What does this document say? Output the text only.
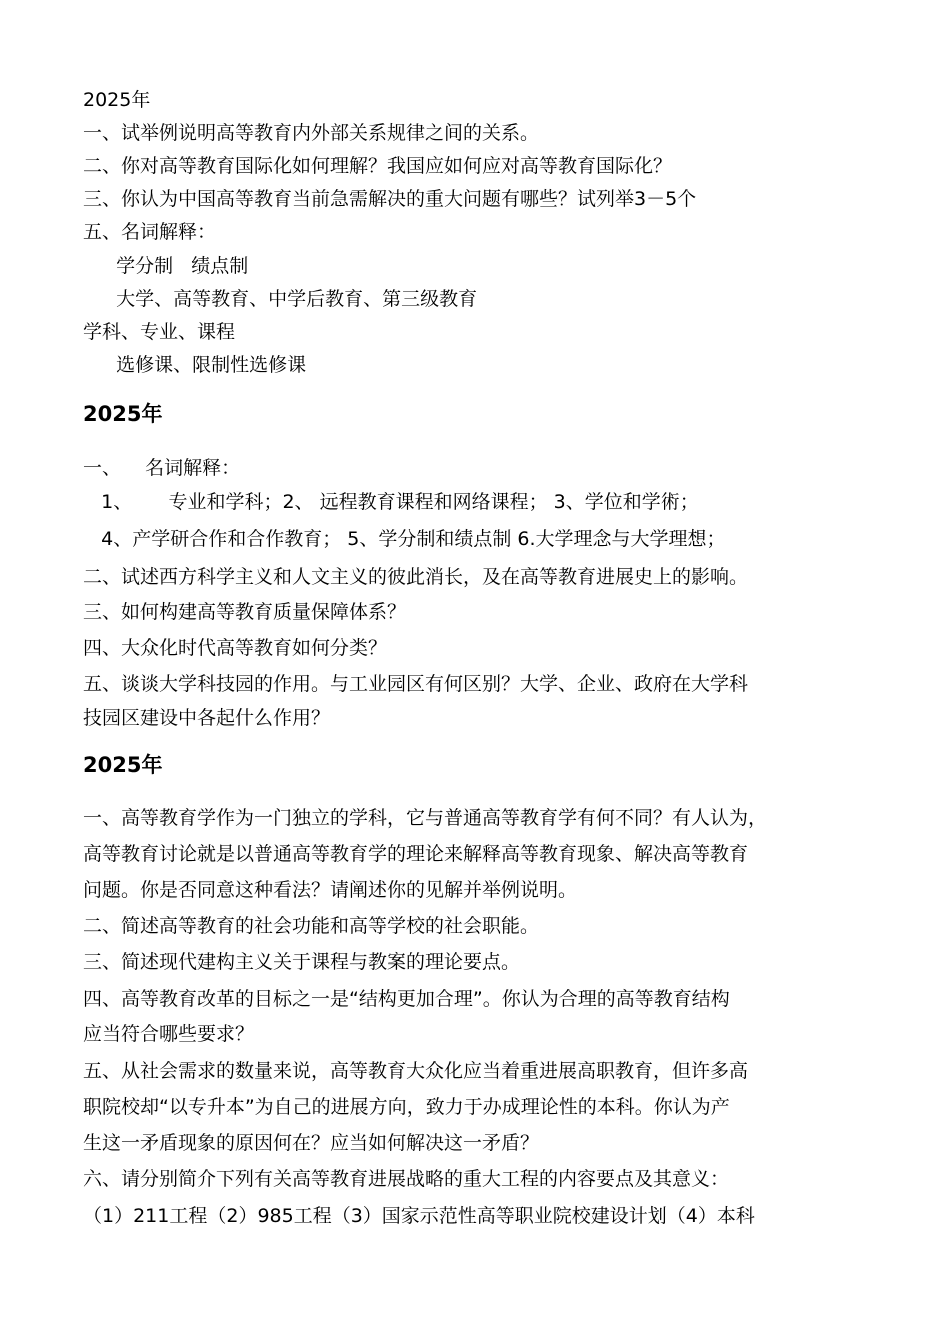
2025年
一、试举例说明高等教育内外部关系规律之间的关系。
二、你对高等教育国际化如何理解？我国应如何应对高等教育国际化？
三、你认为中国高等教育当前急需解决的重大问题有哪些？试列举3－5个
五、名词解释：
学分制   绩点制
大学、高等教育、中学后教育、第三级教育
学科、专业、课程
选修课、限制性选修课
2025年
一、    名词解释：
1、      专业和学科；2、 远程教育课程和网络课程； 3、学位和学術；
4、产学研合作和合作教育； 5、学分制和绩点制 6.大学理念与大学理想；
二、试述西方科学主义和人文主义的彼此消长，及在高等教育进展史上的影响。
三、如何构建高等教育质量保障体系？
四、大众化时代高等教育如何分类？
五、谈谈大学科技园的作用。与工业园区有何区别？大学、企业、政府在大学科
技园区建设中各起什么作用？
2025年
一、高等教育学作为一门独立的学科，它与普通高等教育学有何不同？有人认为，
高等教育讨论就是以普通高等教育学的理论来解释高等教育现象、解决高等教育
问题。你是否同意这种看法？请阐述你的见解并举例说明。
二、简述高等教育的社会功能和高等学校的社会职能。
三、简述现代建构主义关于课程与教案的理论要点。
四、高等教育改革的目标之一是“结构更加合理”。你认为合理的高等教育结构
应当符合哪些要求？
五、从社会需求的数量来说，高等教育大众化应当着重进展高职教育，但许多高
职院校却“以专升本”为自己的进展方向，致力于办成理论性的本科。你认为产
生这一矛盾现象的原因何在？应当如何解决这一矛盾？
六、请分别简介下列有关高等教育进展战略的重大工程的内容要点及其意义：
（1）211工程（2）985工程（3）国家示范性高等职业院校建设计划（4）本科
